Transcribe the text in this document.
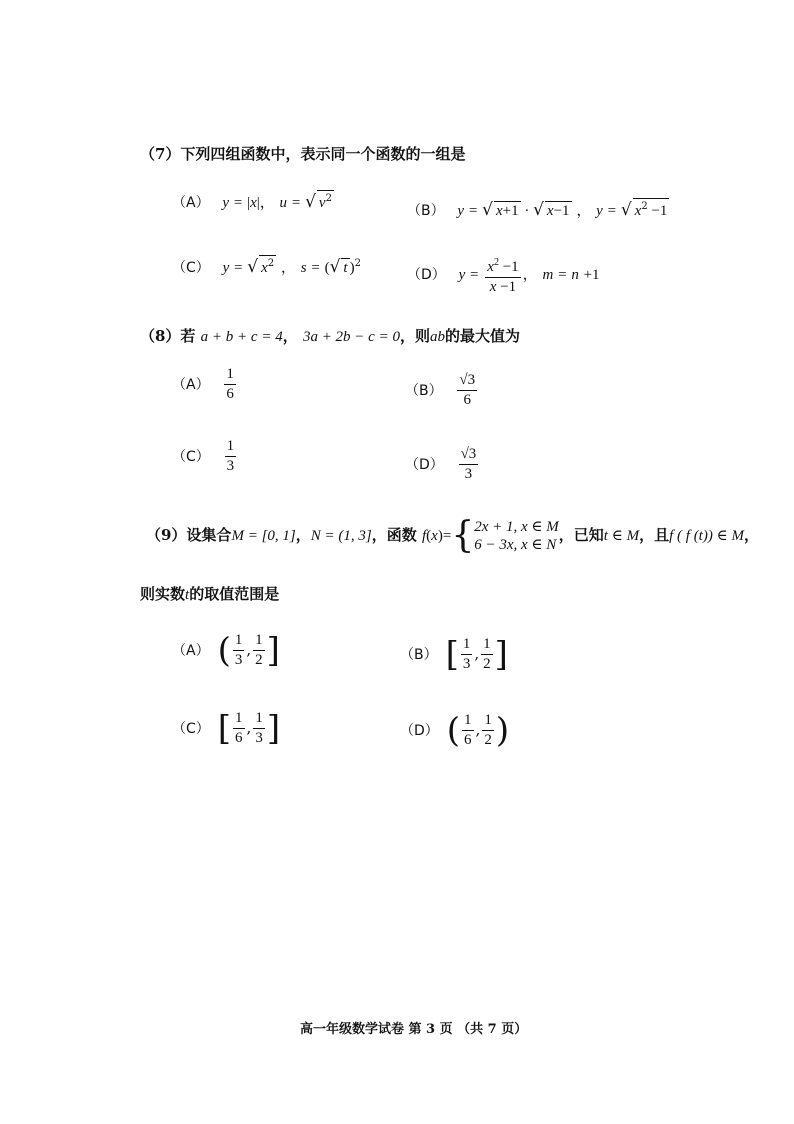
（7）下列四组函数中，表示同一个函数的一组是
（A） y = |x|， u = √ $v^2$
（B） y = √ x+1 · √ x−1 ， y = √ $x^2 -1$
（C） y = √ $x^2$ ， s = (√ t )$^2$
（D） $y = \frac{x^2 -1}{x -1}$ ， m = n +1
（8）若 a + b + c = 4， 3a + 2b − c = 0，则ab的最大值为
$(A) \frac{1}{6}$	$(B) \frac{√3}{6}$
$(C) \frac{1}{3}$	$(D) \frac{√3}{3}$
（9）设集合M = [0, 1]，N = (1, 3]，函数 f(x)={ 2x + 1, x ∈ M
6 − 3x, x ∈ N
，已知t ∈ M，且f ( f (t)) ∈ M，
则实数t的取值范围是
（A） ( $\frac{1}{3}$ , $\frac{1}{2}$ ]	（B） [ $\frac{1}{3}$ , $\frac{1}{2}$ ]
（C） [ $\frac{1}{6}$ , $\frac{1}{3}$ ]	（D） ( $\frac{1}{6}$ , $\frac{1}{2}$ )
高一年级数学试卷 第 3 页 （共 7 页）
